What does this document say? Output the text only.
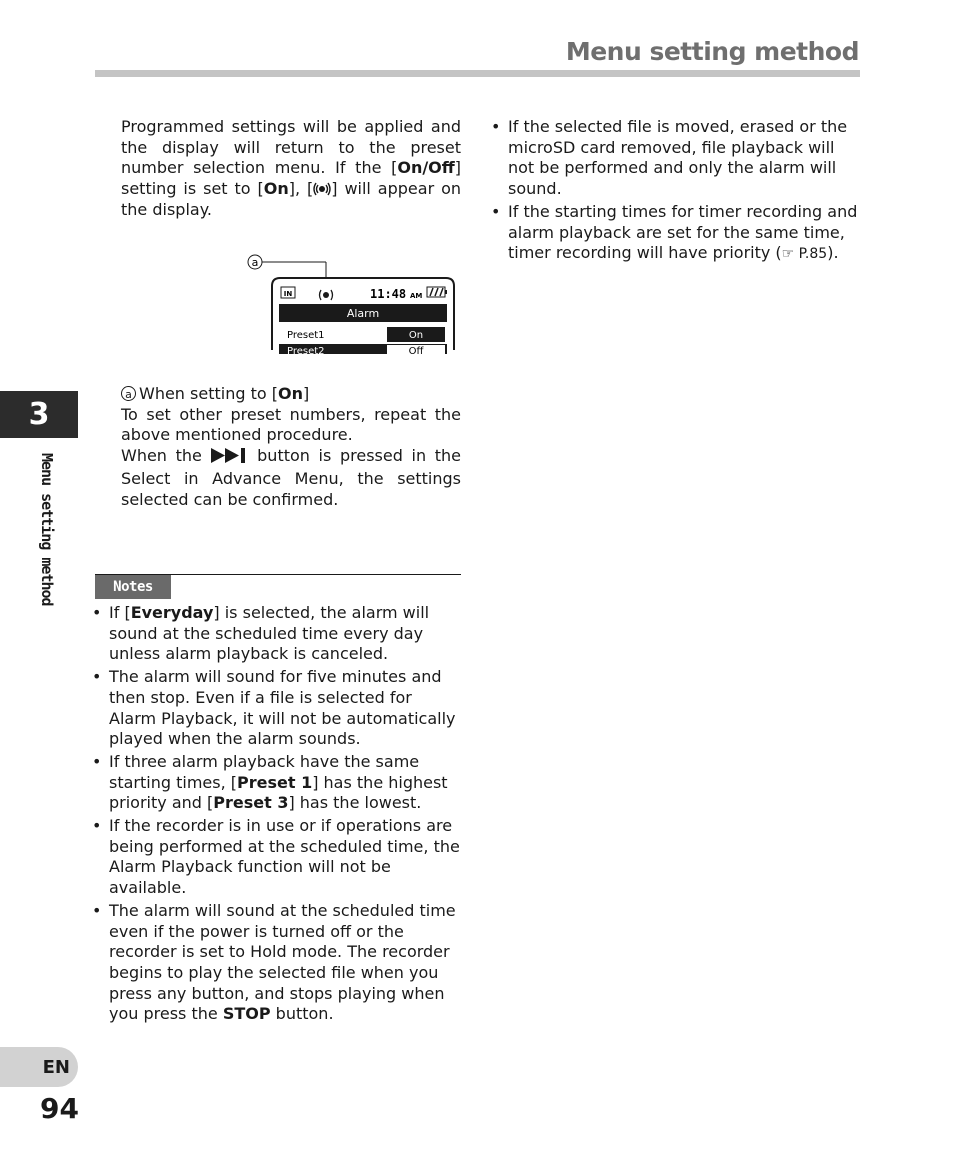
Menu setting method
3
Menu setting method
EN
94
Programmed settings will be applied and the display will return to the preset number selection menu. If the [On/Off] setting is set to [On], [ ] will appear on the display.
a
IN	11:48 AM
Alarm
Preset1	On
Preset2	Off
a When setting to [On]
To set other preset numbers, repeat the above mentioned procedure.
When the  button is pressed in the Select in Advance Menu, the settings selected can be confirmed.
Notes
• If [Everyday] is selected, the alarm will sound at the scheduled time every day unless alarm playback is canceled.
• The alarm will sound for five minutes and then stop. Even if a file is selected for Alarm Playback, it will not be automatically played when the alarm sounds.
• If three alarm playback have the same starting times, [Preset 1] has the highest priority and [Preset 3] has the lowest.
• If the recorder is in use or if operations are being performed at the scheduled time, the Alarm Playback function will not be available.
• The alarm will sound at the scheduled time even if the power is turned off or the recorder is set to Hold mode. The recorder begins to play the selected file when you press any button, and stops playing when you press the STOP button.
• If the selected file is moved, erased or the microSD card removed, file playback will not be performed and only the alarm will sound.
• If the starting times for timer recording and alarm playback are set for the same time, timer recording will have priority (☞ P.85).
